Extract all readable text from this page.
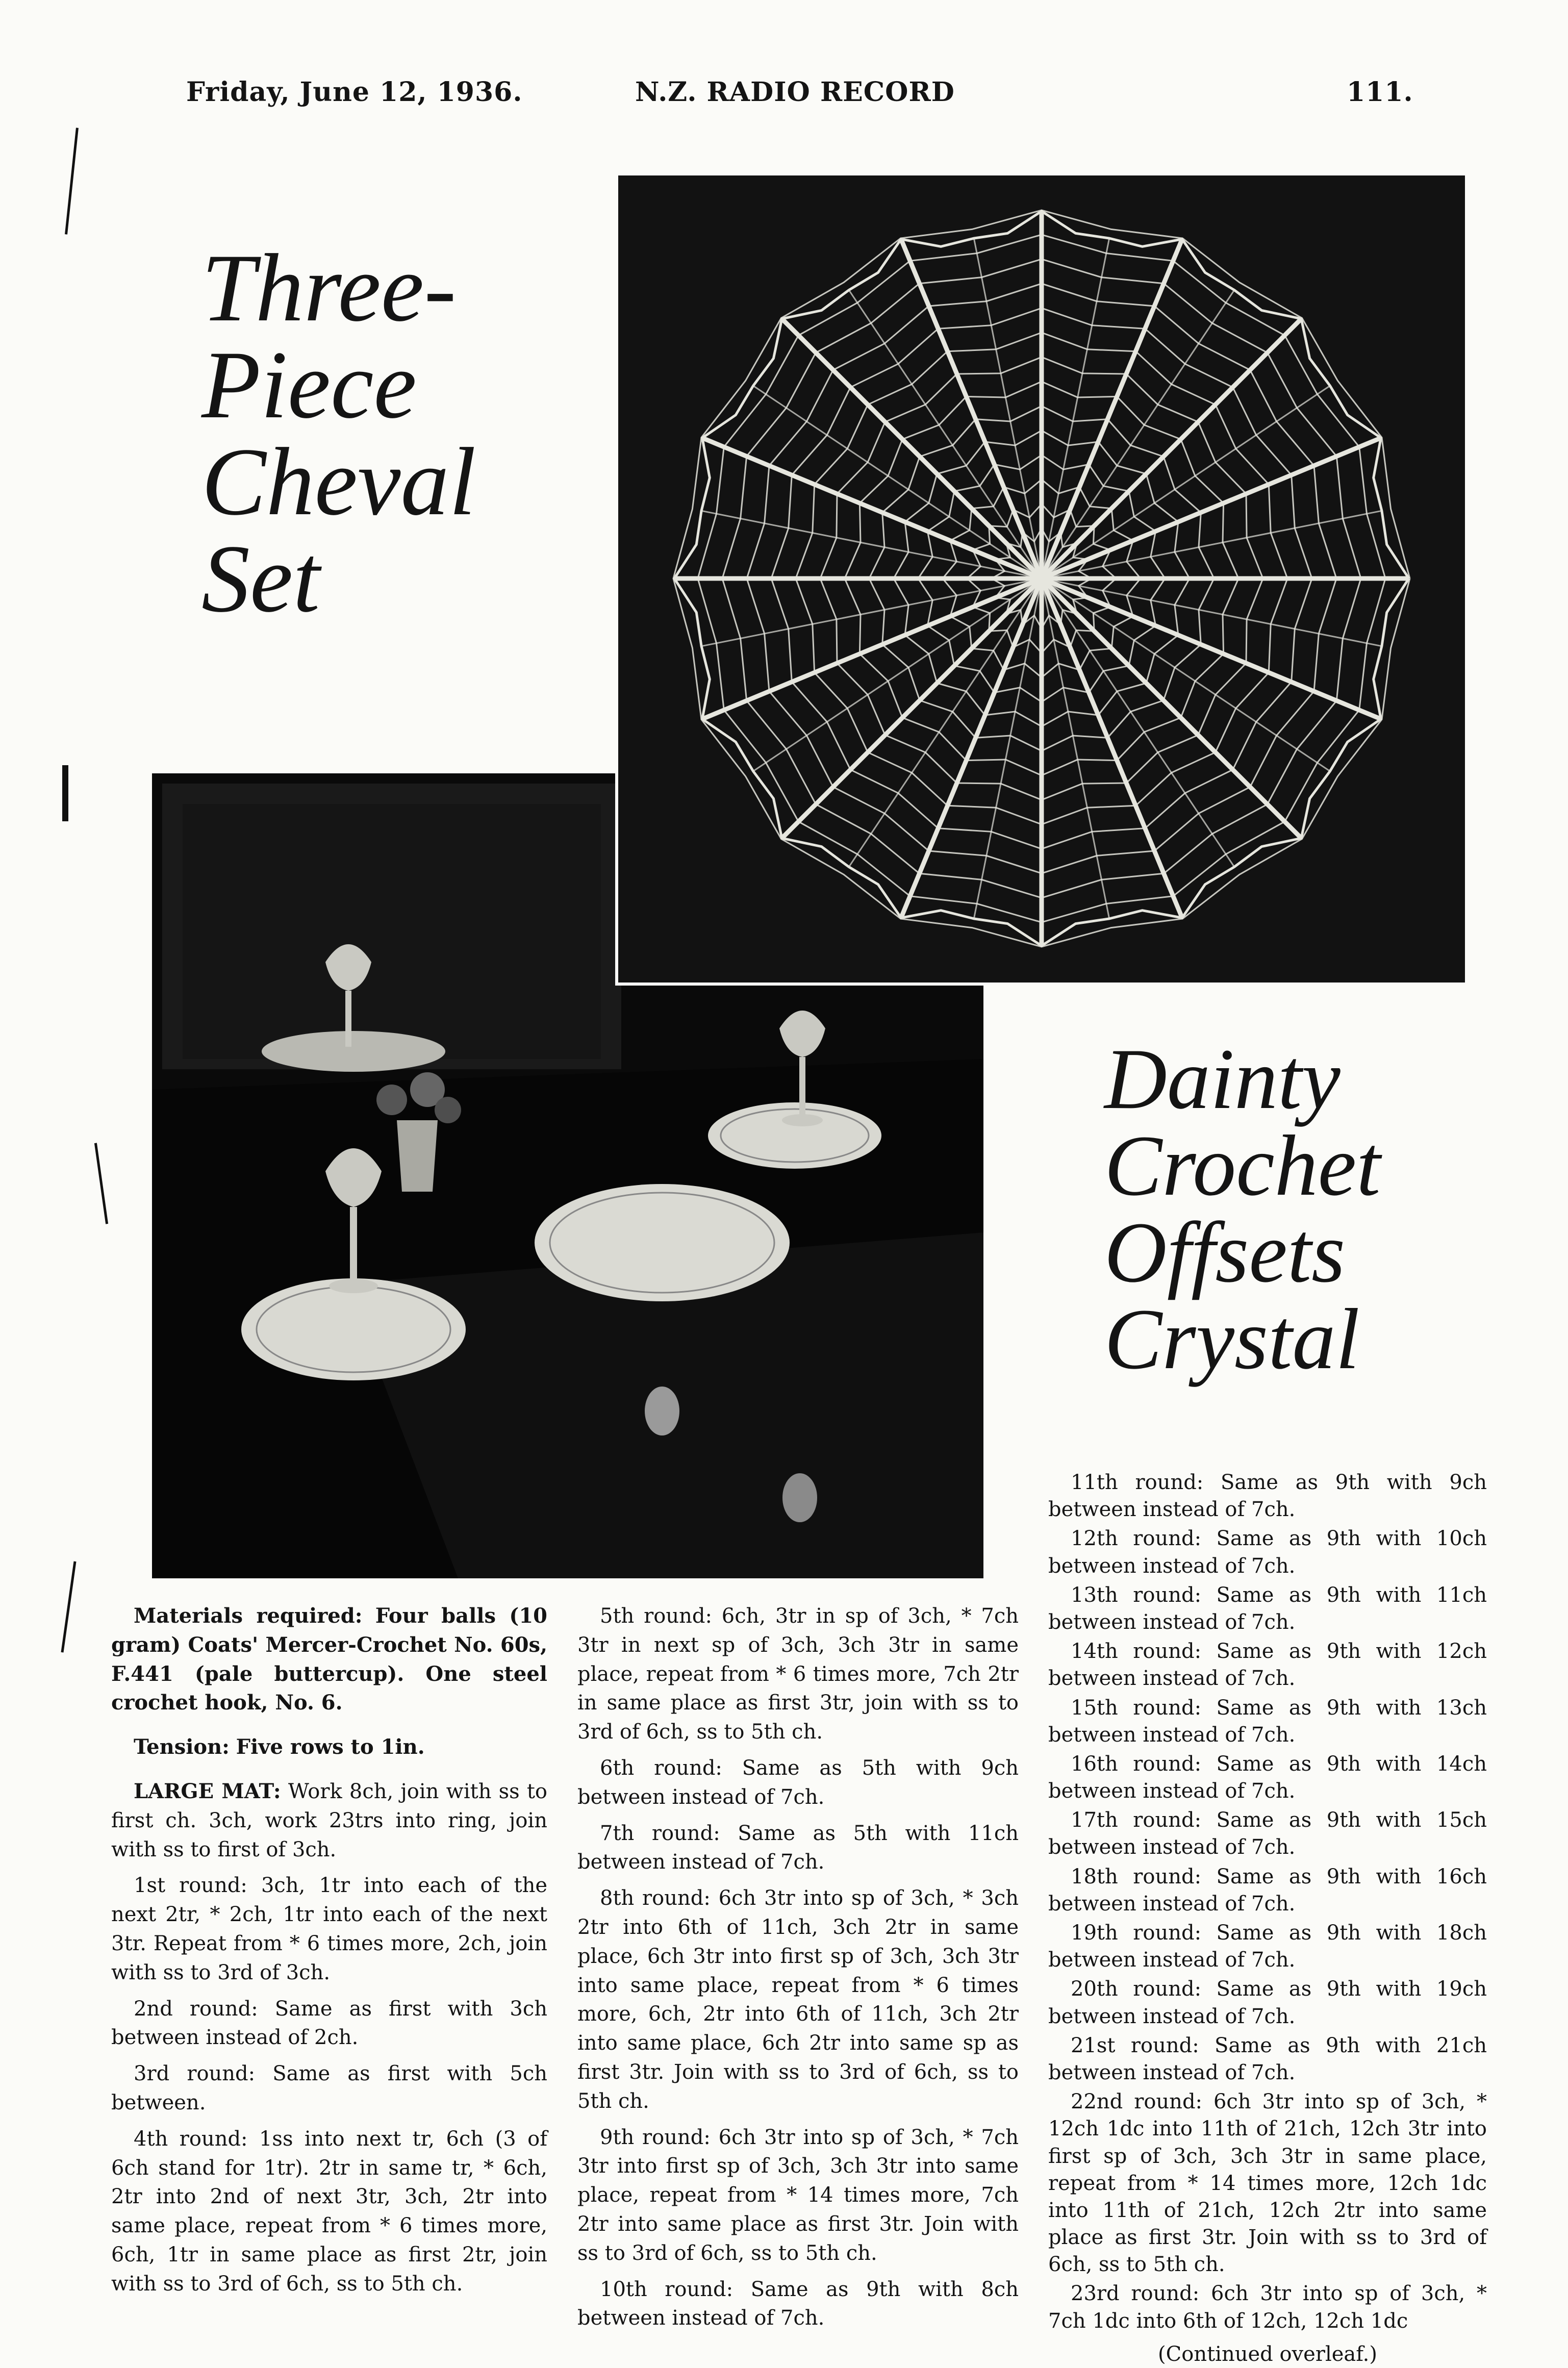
Friday, June 12, 1936.	N.Z. RADIO RECORD	111.
Three-
Piece
Cheval
Set
Dainty
Crochet
Offsets
Crystal

Materials required: Four balls (10 gram) Coats' Mercer-Crochet No. 60s, F.441 (pale buttercup). One steel crochet hook, No. 6.

Tension: Five rows to 1in.

LARGE MAT: Work 8ch, join with ss to first ch. 3ch, work 23trs into ring, join with ss to first of 3ch.

1st round: 3ch, 1tr into each of the next 2tr, * 2ch, 1tr into each of the next 3tr. Repeat from * 6 times more, 2ch, join with ss to 3rd of 3ch.

2nd round: Same as first with 3ch between instead of 2ch.

3rd round: Same as first with 5ch between.

4th round: 1ss into next tr, 6ch (3 of 6ch stand for 1tr). 2tr in same tr, * 6ch, 2tr into 2nd of next 3tr, 3ch, 2tr into same place, repeat from * 6 times more, 6ch, 1tr in same place as first 2tr, join with ss to 3rd of 6ch, ss to 5th ch.

5th round: 6ch, 3tr in sp of 3ch, * 7ch 3tr in next sp of 3ch, 3ch 3tr in same place, repeat from * 6 times more, 7ch 2tr in same place as first 3tr, join with ss to 3rd of 6ch, ss to 5th ch.

6th round: Same as 5th with 9ch between instead of 7ch.

7th round: Same as 5th with 11ch between instead of 7ch.

8th round: 6ch 3tr into sp of 3ch, * 3ch 2tr into 6th of 11ch, 3ch 2tr in same place, 6ch 3tr into first sp of 3ch, 3ch 3tr into same place, repeat from * 6 times more, 6ch, 2tr into 6th of 11ch, 3ch 2tr into same place, 6ch 2tr into same sp as first 3tr. Join with ss to 3rd of 6ch, ss to 5th ch.

9th round: 6ch 3tr into sp of 3ch, * 7ch 3tr into first sp of 3ch, 3ch 3tr into same place, repeat from * 14 times more, 7ch 2tr into same place as first 3tr. Join with ss to 3rd of 6ch, ss to 5th ch.

10th round: Same as 9th with 8ch between instead of 7ch.

11th round: Same as 9th with 9ch between instead of 7ch.

12th round: Same as 9th with 10ch between instead of 7ch.

13th round: Same as 9th with 11ch between instead of 7ch.

14th round: Same as 9th with 12ch between instead of 7ch.

15th round: Same as 9th with 13ch between instead of 7ch.

16th round: Same as 9th with 14ch between instead of 7ch.

17th round: Same as 9th with 15ch between instead of 7ch.

18th round: Same as 9th with 16ch between instead of 7ch.

19th round: Same as 9th with 18ch between instead of 7ch.

20th round: Same as 9th with 19ch between instead of 7ch.

21st round: Same as 9th with 21ch between instead of 7ch.

22nd round: 6ch 3tr into sp of 3ch, * 12ch 1dc into 11th of 21ch, 12ch 3tr into first sp of 3ch, 3ch 3tr in same place, repeat from * 14 times more, 12ch 1dc into 11th of 21ch, 12ch 2tr into same place as first 3tr. Join with ss to 3rd of 6ch, ss to 5th ch.

23rd round: 6ch 3tr into sp of 3ch, * 7ch 1dc into 6th of 12ch, 12ch 1dc

(Continued overleaf.)
